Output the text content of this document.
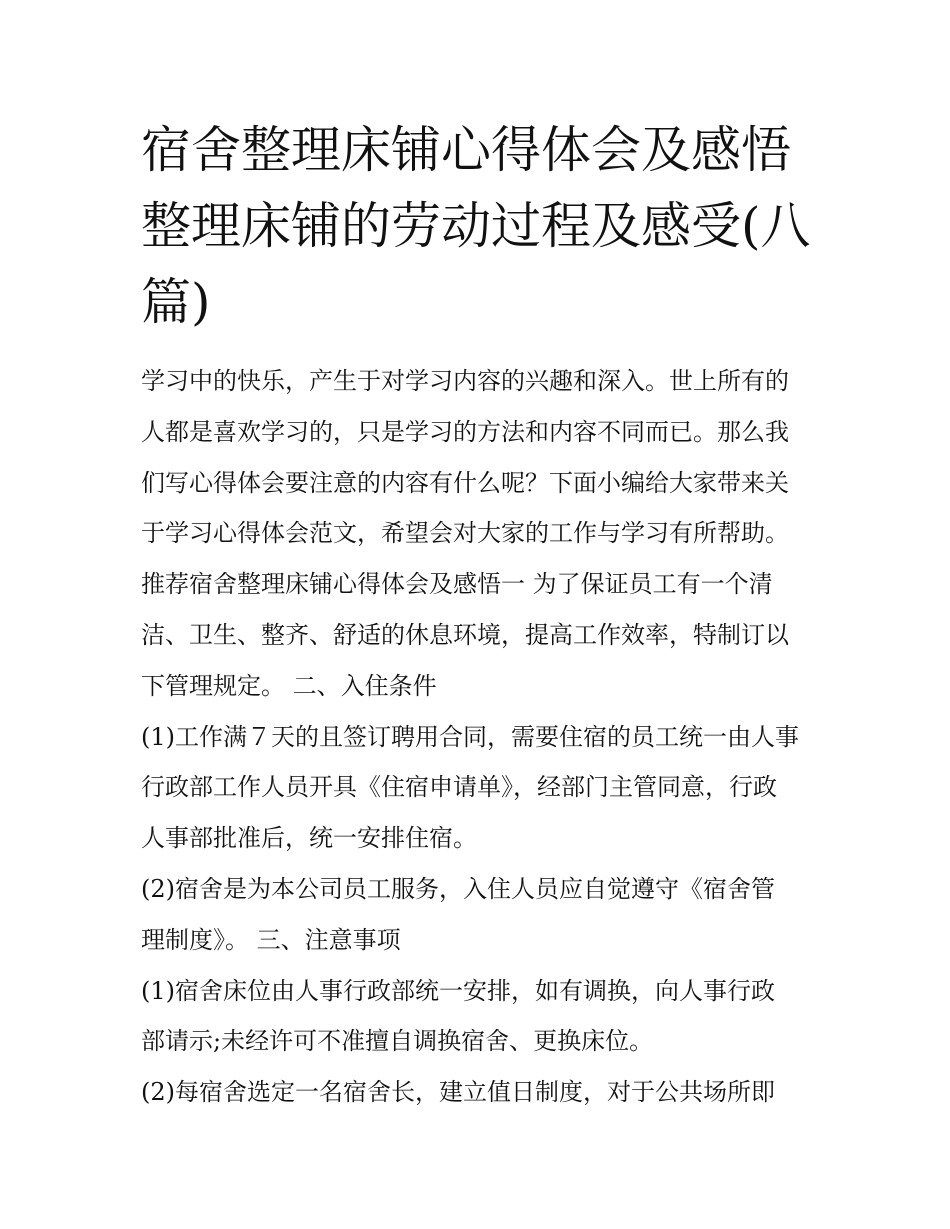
宿舍整理床铺心得体会及感悟
整理床铺的劳动过程及感受(八
篇)
学习中的快乐，产生于对学习内容的兴趣和深入。世上所有的
人都是喜欢学习的，只是学习的方法和内容不同而已。那么我
们写心得体会要注意的内容有什么呢？下面小编给大家带来关
于学习心得体会范文，希望会对大家的工作与学习有所帮助。
推荐宿舍整理床铺心得体会及感悟一 为了保证员工有一个清
洁、卫生、整齐、舒适的休息环境，提高工作效率，特制订以
下管理规定。 二、入住条件
(1)工作满７天的且签订聘用合同，需要住宿的员工统一由人事
行政部工作人员开具《住宿申请单》，经部门主管同意，行政
人事部批准后，统一安排住宿。
(2)宿舍是为本公司员工服务，入住人员应自觉遵守《宿舍管
理制度》。 三、注意事项
(1)宿舍床位由人事行政部统一安排，如有调换，向人事行政
部请示;未经许可不准擅自调换宿舍、更换床位。
(2)每宿舍选定一名宿舍长，建立值日制度，对于公共场所即
